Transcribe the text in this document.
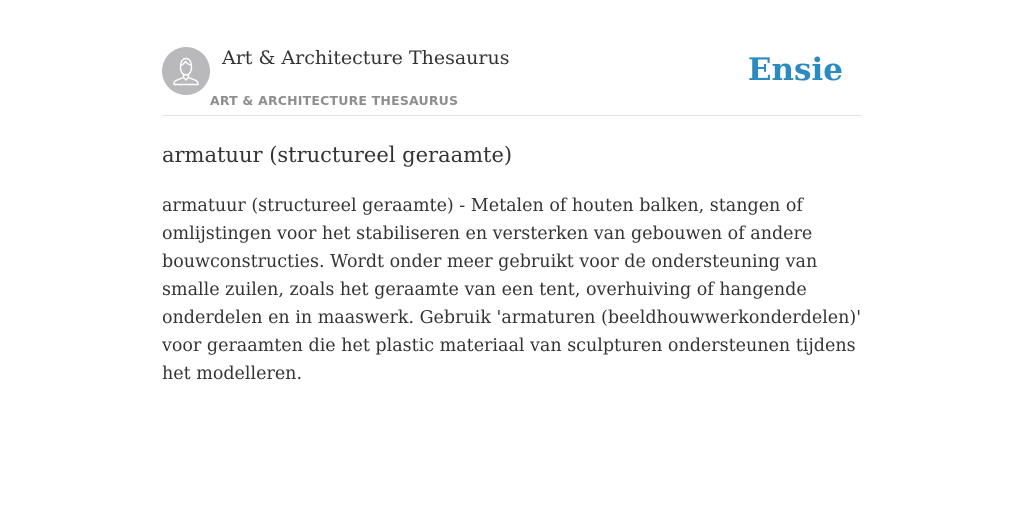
Art & Architecture Thesaurus
ART & ARCHITECTURE THESAURUS
Ensie
armatuur (structureel geraamte)

armatuur (structureel geraamte) - Metalen of houten balken, stangen of omlijstingen voor het stabiliseren en versterken van gebouwen of andere bouwconstructies. Wordt onder meer gebruikt voor de ondersteuning van smalle zuilen, zoals het geraamte van een tent, overhuiving of hangende onderdelen en in maaswerk. Gebruik 'armaturen (beeldhouwwerkonderdelen)' voor geraamten die het plastic materiaal van sculpturen ondersteunen tijdens het modelleren.
